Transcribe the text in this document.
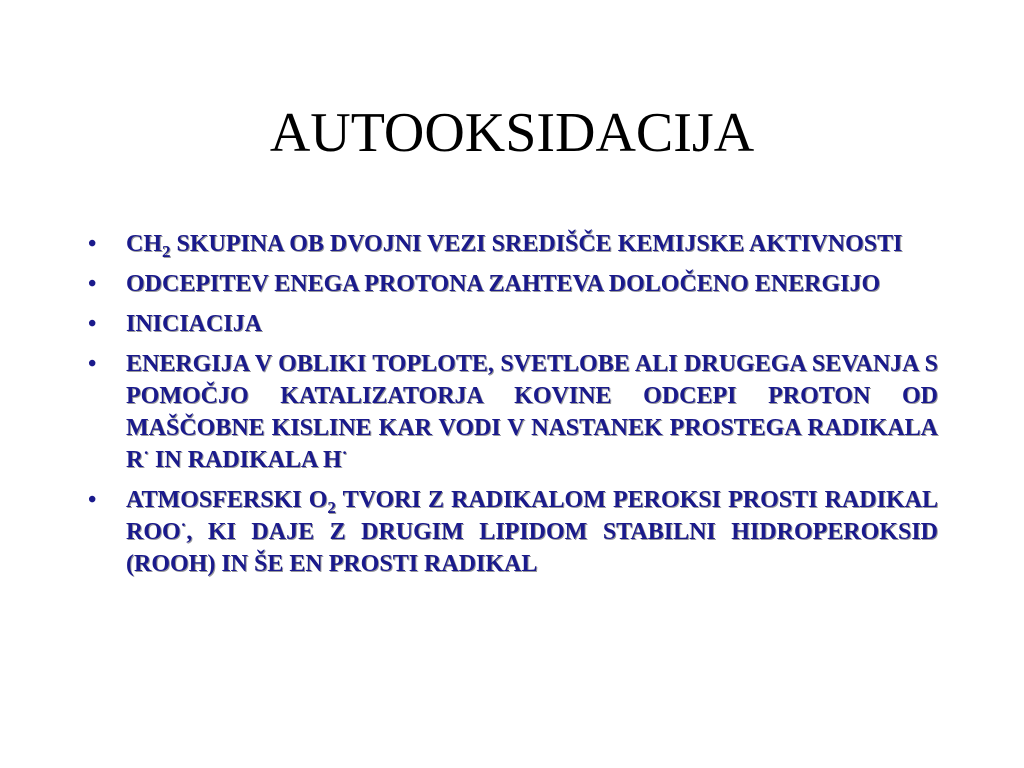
AUTOOKSIDACIJA
• $CH_2$ SKUPINA OB DVOJNI VEZI SREDIŠČE KEMIJSKE AKTIVNOSTI
• ODCEPITEV ENEGA PROTONA ZAHTEVA DOLOČENO ENERGIJO
• INICIACIJA
• ENERGIJA V OBLIKI TOPLOTE, SVETLOBE ALI DRUGEGA SEVANJA S POMOČJO KATALIZATORJA KOVINE ODCEPI PROTON OD MAŠČOBNE KISLINE KAR VODI V NASTANEK PROSTEGA RADIKALA R· IN RADIKALA H·
• ATMOSFERSKI $O_2$ TVORI Z RADIKALOM PEROKSI PROSTI RADIKAL ROO·, KI DAJE Z DRUGIM LIPIDOM STABILNI HIDROPEROKSID (ROOH) IN ŠE EN PROSTI RADIKAL
